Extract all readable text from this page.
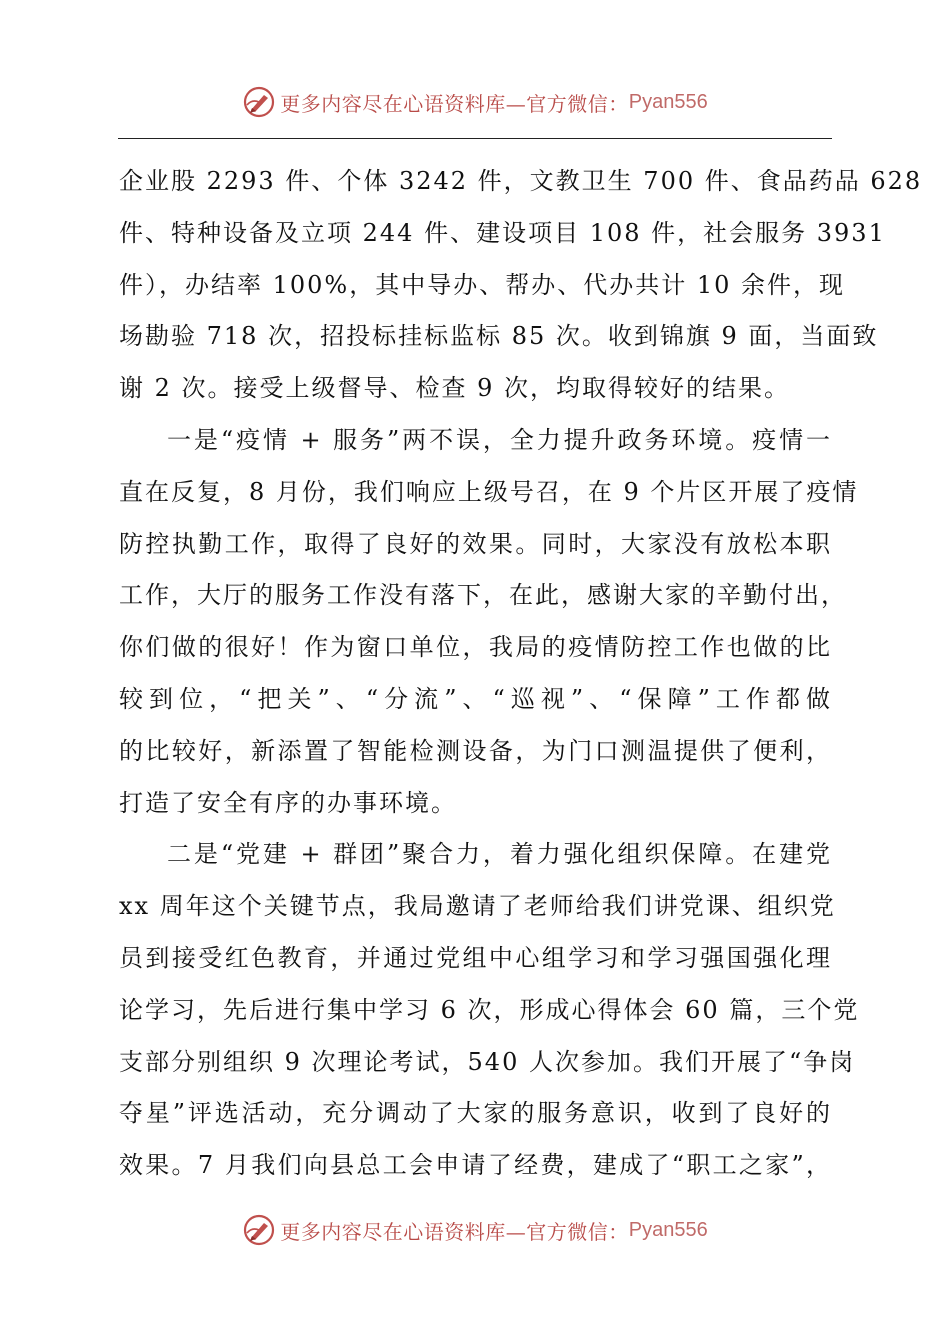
更多内容尽在心语资料库—官方微信： Pyan556
企业股 2293 件、个体 3242 件，文教卫生 700 件、食品药品 628
件、特种设备及立项 244 件、建设项目 108 件，社会服务 3931
件），办结率 100%，其中导办、帮办、代办共计 10 余件，现
场勘验 718 次，招投标挂标监标 85 次。收到锦旗 9 面，当面致
谢 2 次。接受上级督导、检查 9 次，均取得较好的结果。
一是“疫情 + 服务”两不误，全力提升政务环境。疫情一
直在反复，8 月份，我们响应上级号召，在 9 个片区开展了疫情
防控执勤工作，取得了良好的效果。同时，大家没有放松本职
工作，大厅的服务工作没有落下，在此，感谢大家的辛勤付出，
你们做的很好！作为窗口单位，我局的疫情防控工作也做的比
较到位，“把关”、“分流”、“巡视”、“保障”工作都做
的比较好，新添置了智能检测设备，为门口测温提供了便利，
打造了安全有序的办事环境。
二是“党建 + 群团”聚合力，着力强化组织保障。在建党
xx 周年这个关键节点，我局邀请了老师给我们讲党课、组织党
员到接受红色教育，并通过党组中心组学习和学习强国强化理
论学习，先后进行集中学习 6 次，形成心得体会 60 篇，三个党
支部分别组织 9 次理论考试，540 人次参加。我们开展了“争岗
夺星”评选活动，充分调动了大家的服务意识，收到了良好的
效果。7 月我们向县总工会申请了经费，建成了“职工之家”，
更多内容尽在心语资料库—官方微信： Pyan556
